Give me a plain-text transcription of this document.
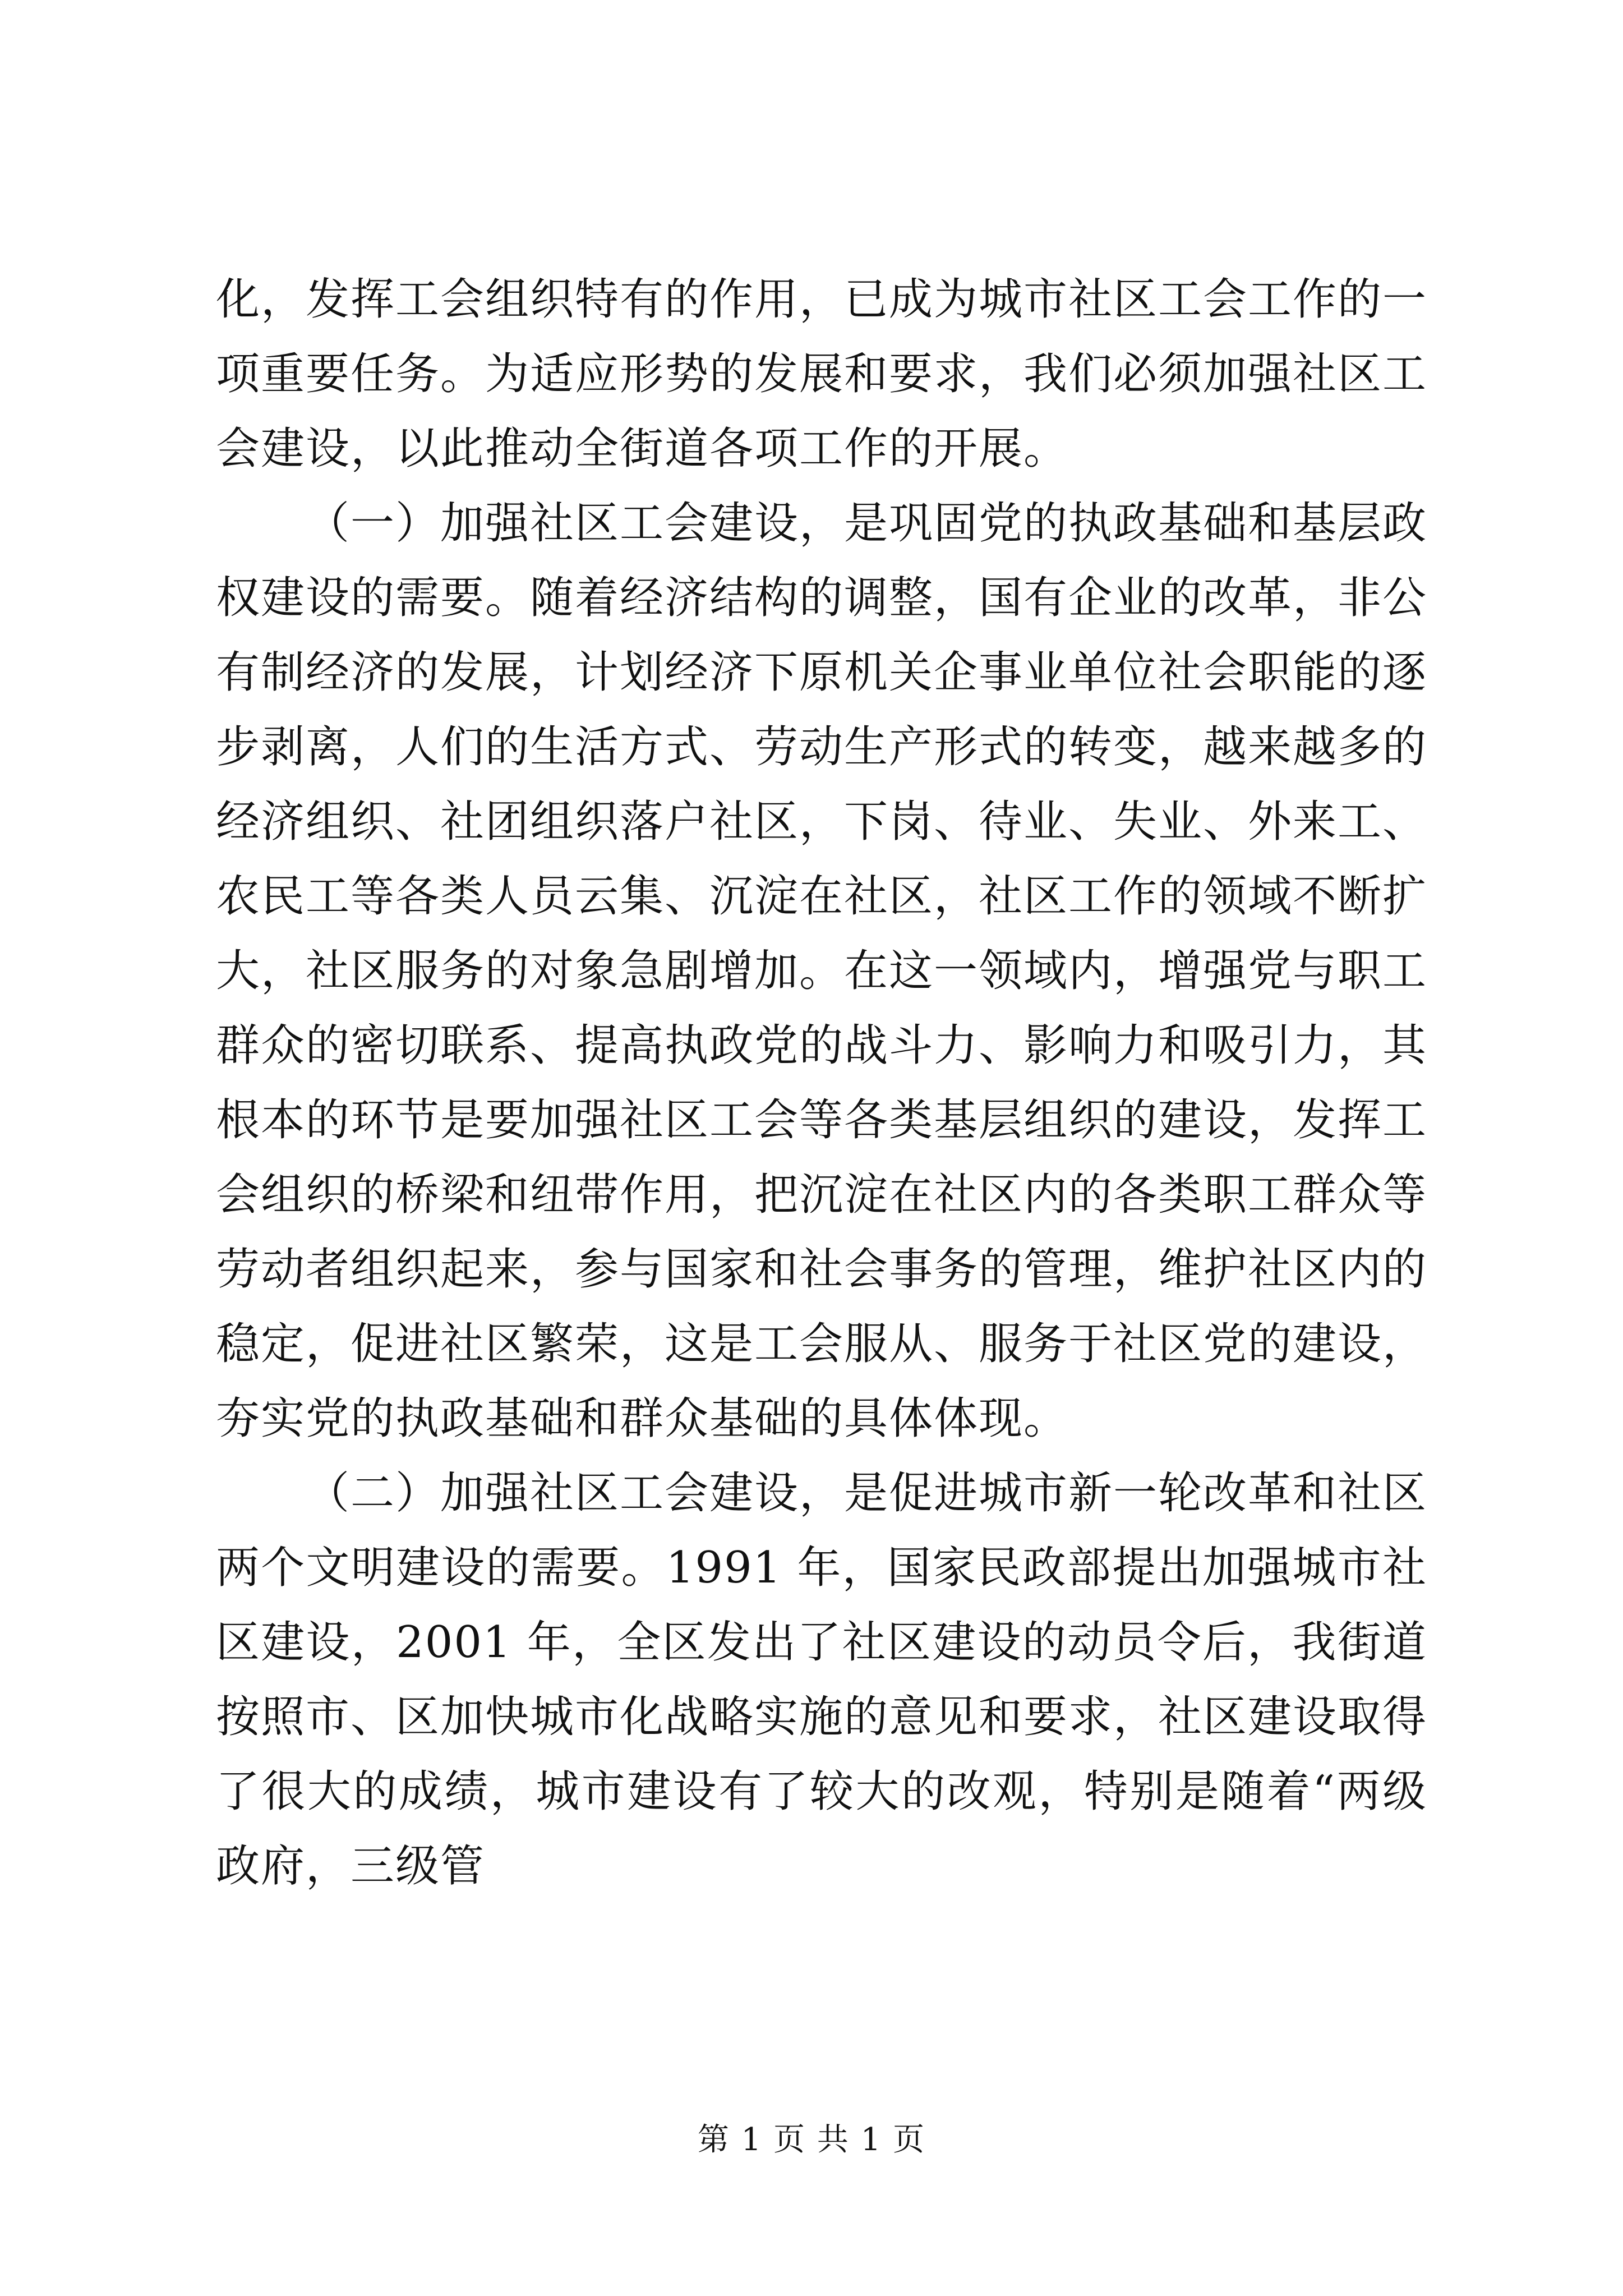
化，发挥工会组织特有的作用，已成为城市社区工会工作的一项重要任务。为适应形势的发展和要求，我们必须加强社区工会建设，以此推动全街道各项工作的开展。

（一）加强社区工会建设，是巩固党的执政基础和基层政权建设的需要。随着经济结构的调整，国有企业的改革，非公有制经济的发展，计划经济下原机关企事业单位社会职能的逐步剥离，人们的生活方式、劳动生产形式的转变，越来越多的经济组织、社团组织落户社区，下岗、待业、失业、外来工、农民工等各类人员云集、沉淀在社区，社区工作的领域不断扩大，社区服务的对象急剧增加。在这一领域内，增强党与职工群众的密切联系、提高执政党的战斗力、影响力和吸引力，其根本的环节是要加强社区工会等各类基层组织的建设，发挥工会组织的桥梁和纽带作用，把沉淀在社区内的各类职工群众等劳动者组织起来，参与国家和社会事务的管理，维护社区内的稳定，促进社区繁荣，这是工会服从、服务于社区党的建设，夯实党的执政基础和群众基础的具体体现。

（二）加强社区工会建设，是促进城市新一轮改革和社区两个文明建设的需要。1991 年，国家民政部提出加强城市社区建设，2001 年，全区发出了社区建设的动员令后，我街道按照市、区加快城市化战略实施的意见和要求，社区建设取得了很大的成绩，城市建设有了较大的改观，特别是随着“两级政府，三级管

第 1 页 共 1 页
